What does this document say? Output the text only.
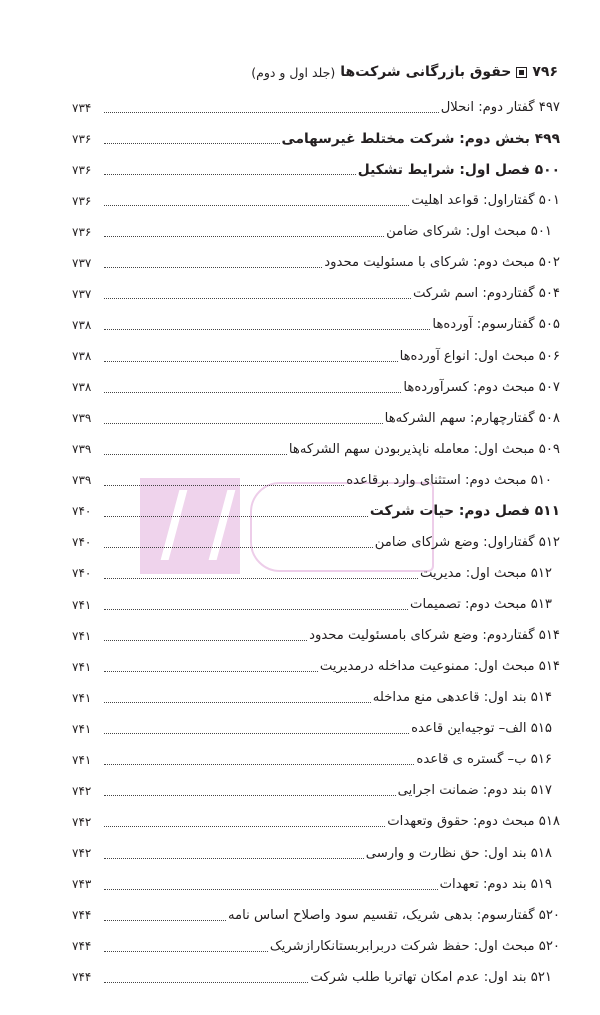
۷۹۶
حقوق بازرگانی شرکت‌ها
(جلد اول و دوم)
۴۹۷ گفتار دوم: انحلال
۷۳۴
۴۹۹ بخش دوم: شرکت مختلط غیرسهامی
۷۳۶
۵۰۰ فصل اول: شرایط تشکیل
۷۳۶
۵۰۱ گفتاراول: قواعد اهلیت
۷۳۶
۵۰۱ مبحث اول: شرکای ضامن
۷۳۶
۵۰۲ مبحث دوم: شرکای با مسئولیت محدود
۷۳۷
۵۰۴ گفتاردوم: اسم شرکت
۷۳۷
۵۰۵ گفتارسوم: آورده‌ها
۷۳۸
۵۰۶ مبحث اول: انواع آورده‌ها
۷۳۸
۵۰۷ مبحث دوم: کسرآورده‌ها
۷۳۸
۵۰۸ گفتارچهارم: سهم الشرکه‌ها
۷۳۹
۵۰۹ مبحث اول: معامله ناپذیربودن سهم الشرکه‌ها
۷۳۹
۵۱۰ مبحث دوم: استثنای وارد برقاعده
۷۳۹
۵۱۱ فصل دوم: حیات شرکت
۷۴۰
۵۱۲ گفتاراول: وضع شرکای ضامن
۷۴۰
۵۱۲ مبحث اول: مدیریت
۷۴۰
۵۱۳ مبحث دوم: تصمیمات
۷۴۱
۵۱۴ گفتاردوم: وضع شرکای بامسئولیت محدود
۷۴۱
۵۱۴ مبحث اول: ممنوعیت مداخله درمدیریت
۷۴۱
۵۱۴ بند اول: قاعدهی منع مداخله
۷۴۱
۵۱۵ الف– توجیه‌این قاعده
۷۴۱
۵۱۶ ب– گستره ی قاعده
۷۴۱
۵۱۷ بند دوم: ضمانت اجرایی
۷۴۲
۵۱۸ مبحث دوم: حقوق وتعهدات
۷۴۲
۵۱۸ بند اول: حق نظارت و وارسی
۷۴۲
۵۱۹ بند دوم: تعهدات
۷۴۳
۵۲۰ گفتارسوم: بدهی شریک، تقسیم سود واصلاح اساس نامه
۷۴۴
۵۲۰ مبحث اول: حفظ شرکت دربرابربستانکارازشریک
۷۴۴
۵۲۱ بند اول: عدم امکان تهاتربا طلب شرکت
۷۴۴
